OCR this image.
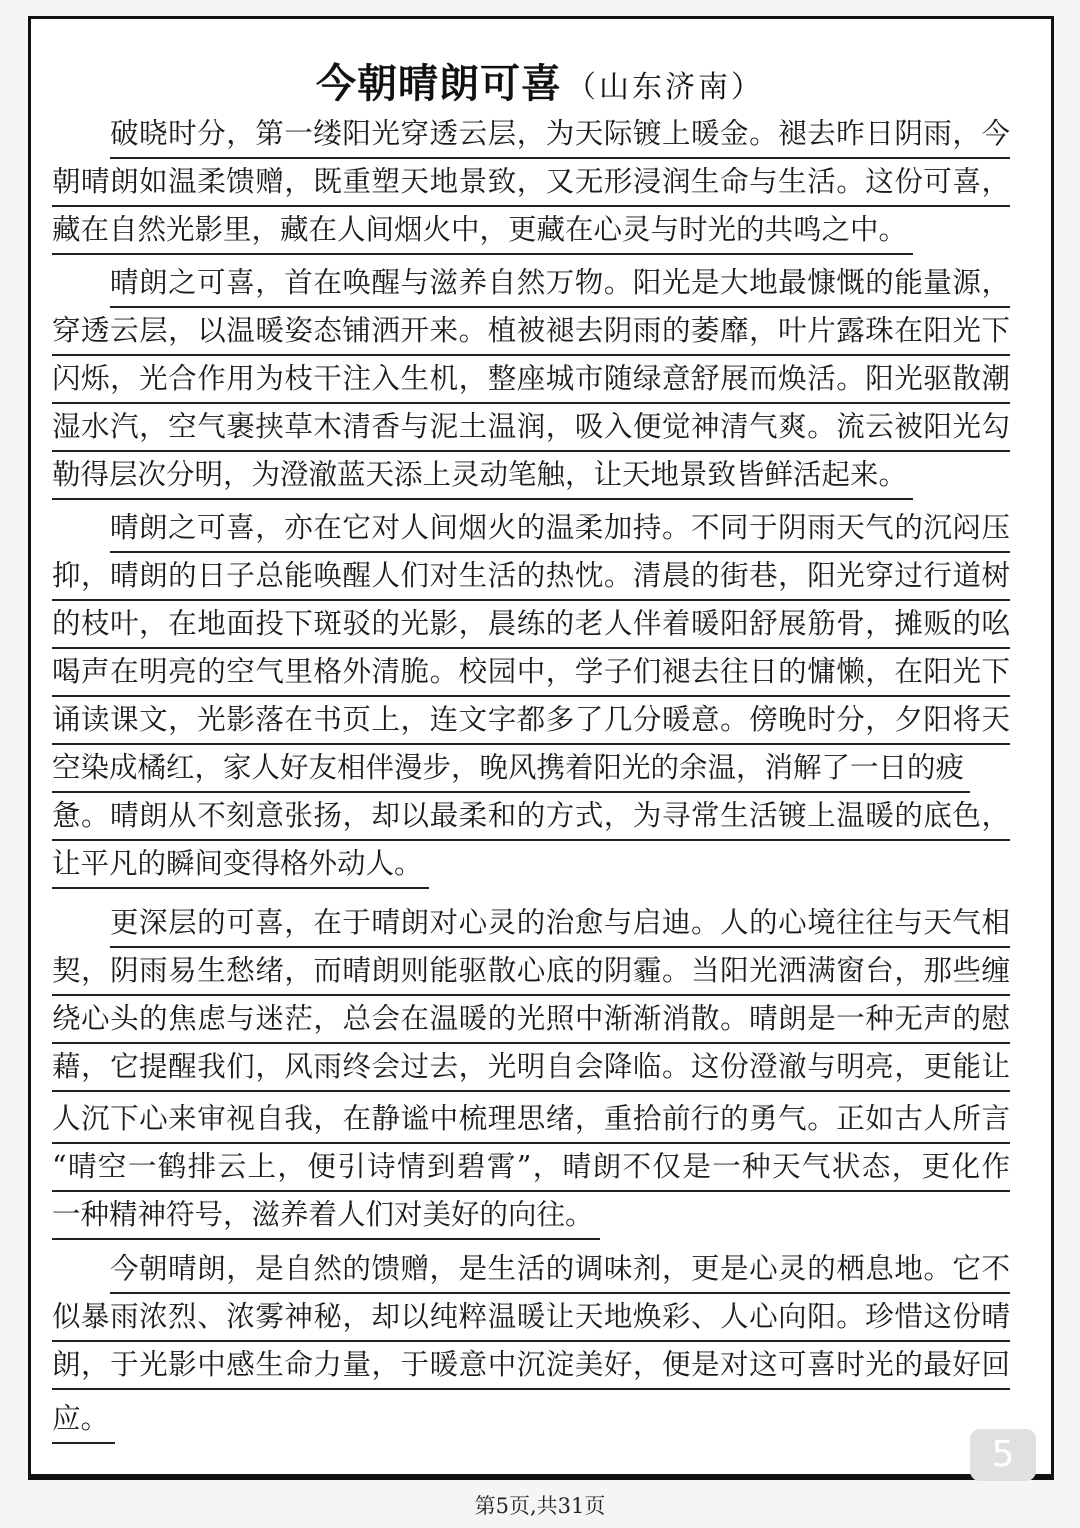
今朝晴朗可喜 （山东济南）
破晓时分，第一缕阳光穿透云层，为天际镀上暖金。褪去昨日阴雨，今
朝晴朗如温柔馈赠，既重塑天地景致，又无形浸润生命与生活。这份可喜，
藏在自然光影里，藏在人间烟火中，更藏在心灵与时光的共鸣之中。
晴朗之可喜，首在唤醒与滋养自然万物。阳光是大地最慷慨的能量源，
穿透云层，以温暖姿态铺洒开来。植被褪去阴雨的萎靡，叶片露珠在阳光下
闪烁，光合作用为枝干注入生机，整座城市随绿意舒展而焕活。阳光驱散潮
湿水汽，空气裹挟草木清香与泥土温润，吸入便觉神清气爽。流云被阳光勾
勒得层次分明，为澄澈蓝天添上灵动笔触，让天地景致皆鲜活起来。
晴朗之可喜，亦在它对人间烟火的温柔加持。不同于阴雨天气的沉闷压
抑，晴朗的日子总能唤醒人们对生活的热忱。清晨的街巷，阳光穿过行道树
的枝叶，在地面投下斑驳的光影，晨练的老人伴着暖阳舒展筋骨，摊贩的吆
喝声在明亮的空气里格外清脆。校园中，学子们褪去往日的慵懒，在阳光下
诵读课文，光影落在书页上，连文字都多了几分暖意。傍晚时分，夕阳将天
空染成橘红，家人好友相伴漫步，晚风携着阳光的余温，消解了一日的疲
惫。晴朗从不刻意张扬，却以最柔和的方式，为寻常生活镀上温暖的底色，
让平凡的瞬间变得格外动人。
更深层的可喜，在于晴朗对心灵的治愈与启迪。人的心境往往与天气相
契，阴雨易生愁绪，而晴朗则能驱散心底的阴霾。当阳光洒满窗台，那些缠
绕心头的焦虑与迷茫，总会在温暖的光照中渐渐消散。晴朗是一种无声的慰
藉，它提醒我们，风雨终会过去，光明自会降临。这份澄澈与明亮，更能让
人沉下心来审视自我，在静谧中梳理思绪，重拾前行的勇气。正如古人所言
“晴空一鹤排云上，便引诗情到碧霄”，晴朗不仅是一种天气状态，更化作
一种精神符号，滋养着人们对美好的向往。
今朝晴朗，是自然的馈赠，是生活的调味剂，更是心灵的栖息地。它不
似暴雨浓烈、浓雾神秘，却以纯粹温暖让天地焕彩、人心向阳。珍惜这份晴
朗，于光影中感生命力量，于暖意中沉淀美好，便是对这可喜时光的最好回
应。
5
第5页,共31页
